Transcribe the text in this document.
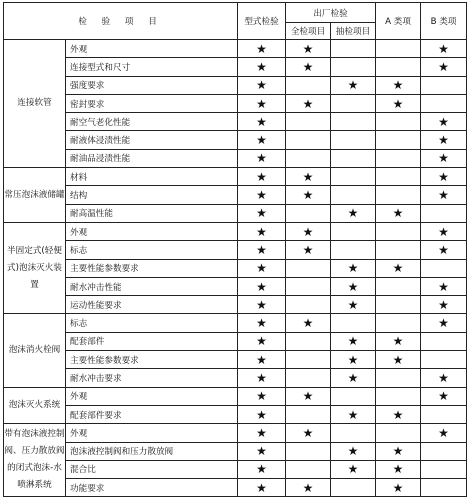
检 验 项 目		型式检验	出厂检验		A 类项	B 类项
			全检项目	抽检项目		
连接软管	外观	★	★			★
	连接型式和尺寸	★	★			★
	强度要求	★		★	★	
	密封要求	★	★		★	
	耐空气老化性能	★				★
	耐液体浸渍性能	★				★
	耐油品浸渍性能	★				★
常压泡沫液储罐	材料	★	★			★
	结构	★	★			★
	耐高温性能	★		★	★	
半固定式(轻便式)泡沫灭火装置	外观	★	★			★
	标志	★	★			★
	主要性能参数要求	★		★	★	
	耐水冲击性能	★		★		★
	运动性能要求	★		★		★
泡沫消火栓阀	标志	★	★			★
	配套部件	★		★	★	
	主要性能参数要求	★		★	★	
	耐水冲击要求	★		★		★
泡沫灭火系统	外观	★	★			★
	配套部件要求	★		★	★	
带有泡沫液控制阀、压力散放阀的闭式泡沫-水喷淋系统	外观	★	★			★
	泡沫液控制阀和压力散放阀	★		★	★	
	混合比	★		★	★	
	功能要求	★	★		★	
